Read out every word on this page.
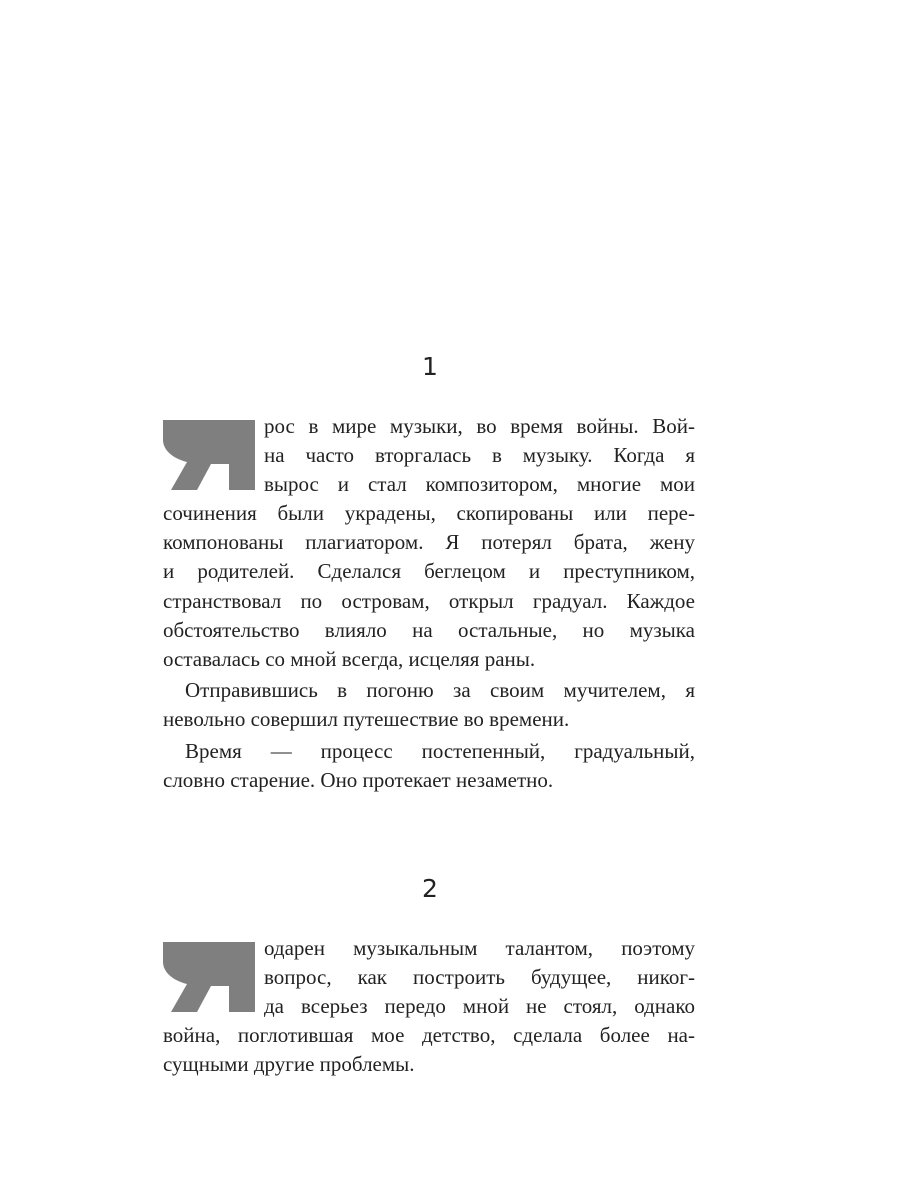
1
рос в мире музыки, во время войны. Вой-
на часто вторгалась в музыку. Когда я
вырос и стал композитором, многие мои
сочинения были украдены, скопированы или пере-
компонованы плагиатором. Я потерял брата, жену
и родителей. Сделался беглецом и преступником,
странствовал по островам, открыл градуал. Каждое
обстоятельство влияло на остальные, но музыка
оставалась со мной всегда, исцеляя раны.
Отправившись в погоню за своим мучителем, я
невольно совершил путешествие во времени.
Время — процесс постепенный, градуальный,
словно старение. Оно протекает незаметно.
2
одарен музыкальным талантом, поэтому
вопрос, как построить будущее, никог-
да всерьез передо мной не стоял, однако
война, поглотившая мое детство, сделала более на-
сущными другие проблемы.
